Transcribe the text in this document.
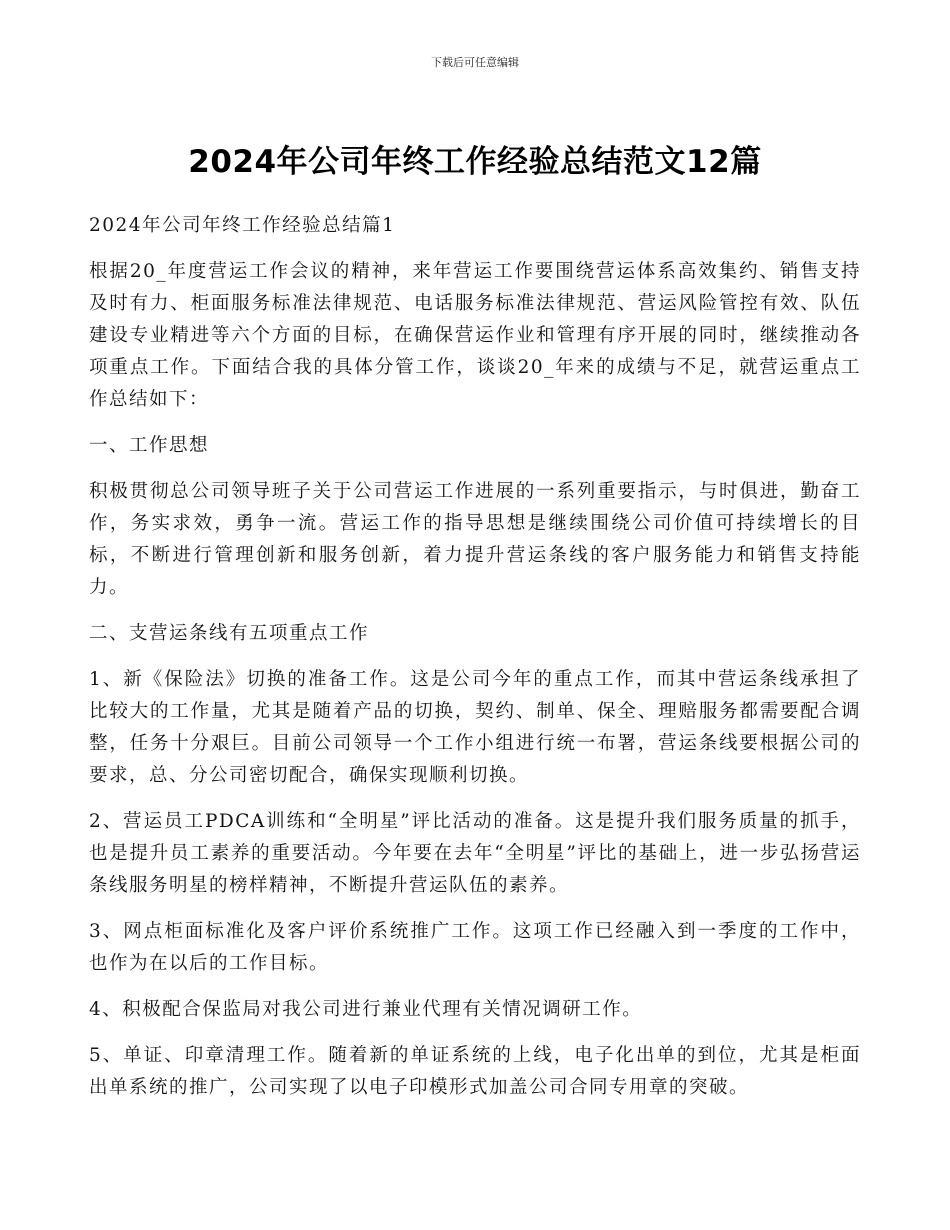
下载后可任意编辑
2024年公司年终工作经验总结范文12篇

2024年公司年终工作经验总结篇1

根据20_年度营运工作会议的精神，来年营运工作要围绕营运体系高效集约、销售支持及时有力、柜面服务标准法律规范、电话服务标准法律规范、营运风险管控有效、队伍建设专业精进等六个方面的目标，在确保营运作业和管理有序开展的同时，继续推动各项重点工作。下面结合我的具体分管工作，谈谈20_年来的成绩与不足，就营运重点工作总结如下：

一、工作思想

积极贯彻总公司领导班子关于公司营运工作进展的一系列重要指示，与时俱进，勤奋工作，务实求效，勇争一流。营运工作的指导思想是继续围绕公司价值可持续增长的目标，不断进行管理创新和服务创新，着力提升营运条线的客户服务能力和销售支持能力。

二、支营运条线有五项重点工作

1、新《保险法》切换的准备工作。这是公司今年的重点工作，而其中营运条线承担了比较大的工作量，尤其是随着产品的切换，契约、制单、保全、理赔服务都需要配合调整，任务十分艰巨。目前公司领导一个工作小组进行统一布署，营运条线要根据公司的要求，总、分公司密切配合，确保实现顺利切换。

2、营运员工PDCA训练和“全明星”评比活动的准备。这是提升我们服务质量的抓手，也是提升员工素养的重要活动。今年要在去年“全明星”评比的基础上，进一步弘扬营运条线服务明星的榜样精神，不断提升营运队伍的素养。

3、网点柜面标准化及客户评价系统推广工作。这项工作已经融入到一季度的工作中，也作为在以后的工作目标。

4、积极配合保监局对我公司进行兼业代理有关情况调研工作。

5、单证、印章清理工作。随着新的单证系统的上线，电子化出单的到位，尤其是柜面出单系统的推广，公司实现了以电子印模形式加盖公司合同专用章的突破。
